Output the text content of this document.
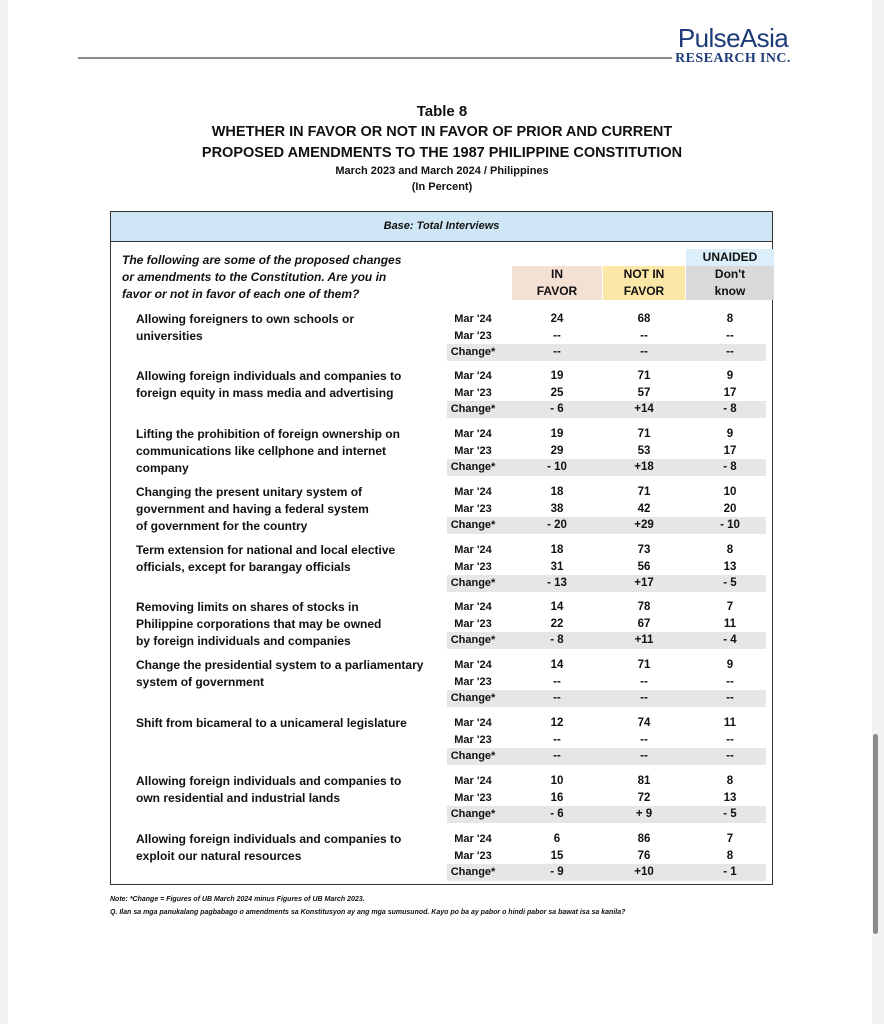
PulseAsia
RESEARCH INC.
Table 8
WHETHER IN FAVOR OR NOT IN FAVOR OF PRIOR AND CURRENT
PROPOSED AMENDMENTS TO THE 1987 PHILIPPINE CONSTITUTION
March 2023 and March 2024 / Philippines
(In Percent)
Base: Total Interviews
The following are some of the proposed changes
or amendments to the Constitution. Are you in
favor or not in favor of each one of them?
IN
FAVOR
NOT IN
FAVOR
UNAIDED
Don't
know
Allowing foreigners to own schools or
universities
Mar '24	24	68	8
Mar '23	--	--	--
Change*	--	--	--
Allowing foreign individuals and companies to
foreign equity in mass media and advertising
Mar '24	19	71	9
Mar '23	25	57	17
Change*	- 6	+14	- 8
Lifting the prohibition of foreign ownership on
communications like cellphone and internet
company
Mar '24	19	71	9
Mar '23	29	53	17
Change*	- 10	+18	- 8
Changing the present unitary system of
government and having a federal system
of government for the country
Mar '24	18	71	10
Mar '23	38	42	20
Change*	- 20	+29	- 10
Term extension for national and local elective
officials, except for barangay officials
Mar '24	18	73	8
Mar '23	31	56	13
Change*	- 13	+17	- 5
Removing limits on shares of stocks in
Philippine corporations that may be owned
by foreign individuals and companies
Mar '24	14	78	7
Mar '23	22	67	11
Change*	- 8	+11	- 4
Change the presidential system to a parliamentary
system of government
Mar '24	14	71	9
Mar '23	--	--	--
Change*	--	--	--
Shift from bicameral to a unicameral legislature	Mar '24	12	74	11
Mar '23	--	--	--
Change*	--	--	--
Allowing foreign individuals and companies to
own residential and industrial lands
Mar '24	10	81	8
Mar '23	16	72	13
Change*	- 6	+ 9	- 5
Allowing foreign individuals and companies to
exploit our natural resources
Mar '24	6	86	7
Mar '23	15	76	8
Change*	- 9	+10	- 1
Note: *Change = Figures of UB March 2024 minus Figures of UB March 2023.
Q. Ilan sa mga panukalang pagbabago o amendments sa Konstitusyon ay ang mga sumusunod. Kayo po ba ay pabor o hindi pabor sa bawat isa sa kanila?
